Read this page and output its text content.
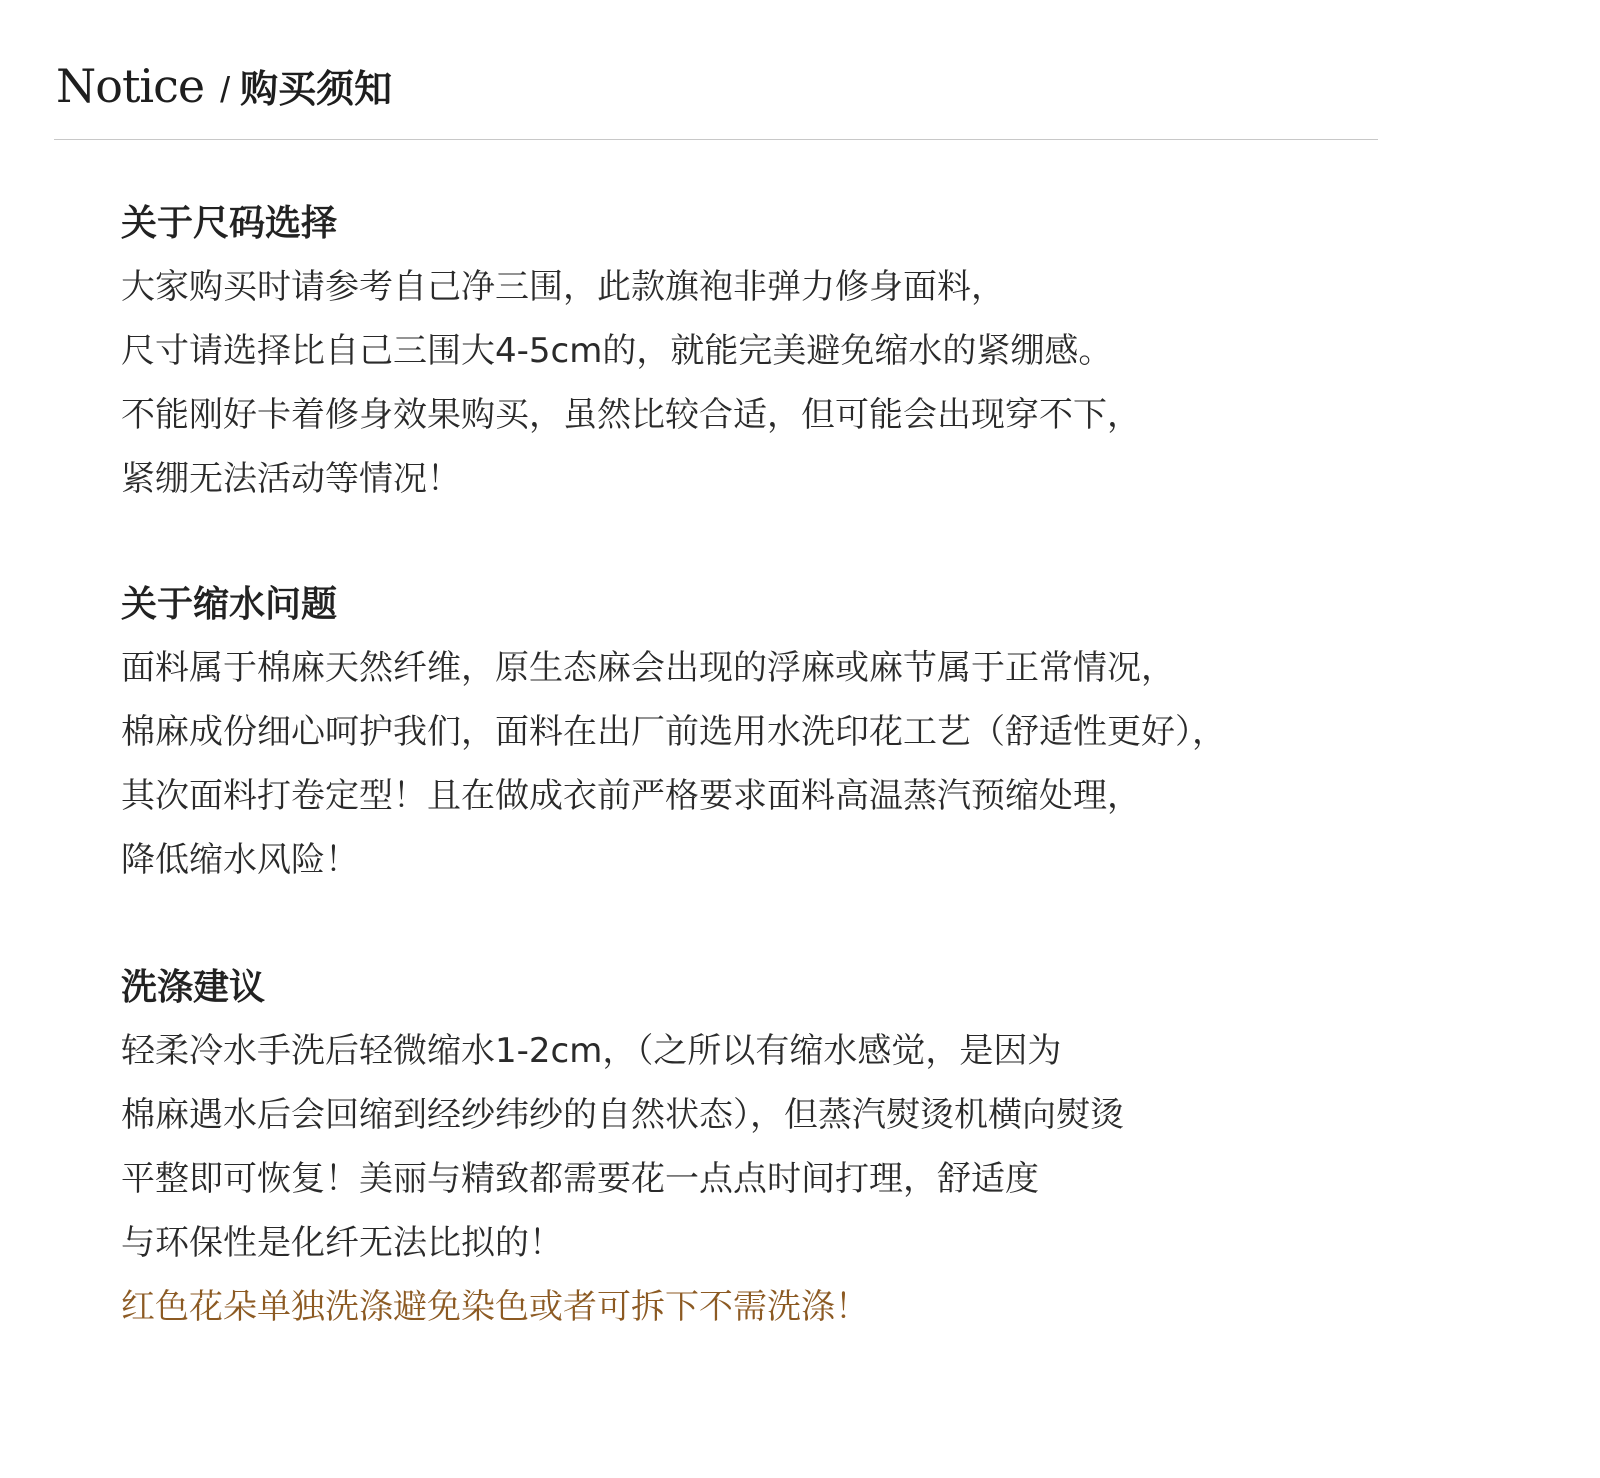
Notice / 购买须知
关于尺码选择
大家购买时请参考自己净三围，此款旗袍非弹力修身面料，
尺寸请选择比自己三围大4-5cm的，就能完美避免缩水的紧绷感。
不能刚好卡着修身效果购买，虽然比较合适，但可能会出现穿不下，
紧绷无法活动等情况！
关于缩水问题
面料属于棉麻天然纤维，原生态麻会出现的浮麻或麻节属于正常情况，
棉麻成份细心呵护我们，面料在出厂前选用水洗印花工艺（舒适性更好），
其次面料打卷定型！且在做成衣前严格要求面料高温蒸汽预缩处理，
降低缩水风险！
洗涤建议
轻柔冷水手洗后轻微缩水1-2cm，（之所以有缩水感觉，是因为
棉麻遇水后会回缩到经纱纬纱的自然状态），但蒸汽熨烫机横向熨烫
平整即可恢复！美丽与精致都需要花一点点时间打理，舒适度
与环保性是化纤无法比拟的！
红色花朵单独洗涤避免染色或者可拆下不需洗涤！
